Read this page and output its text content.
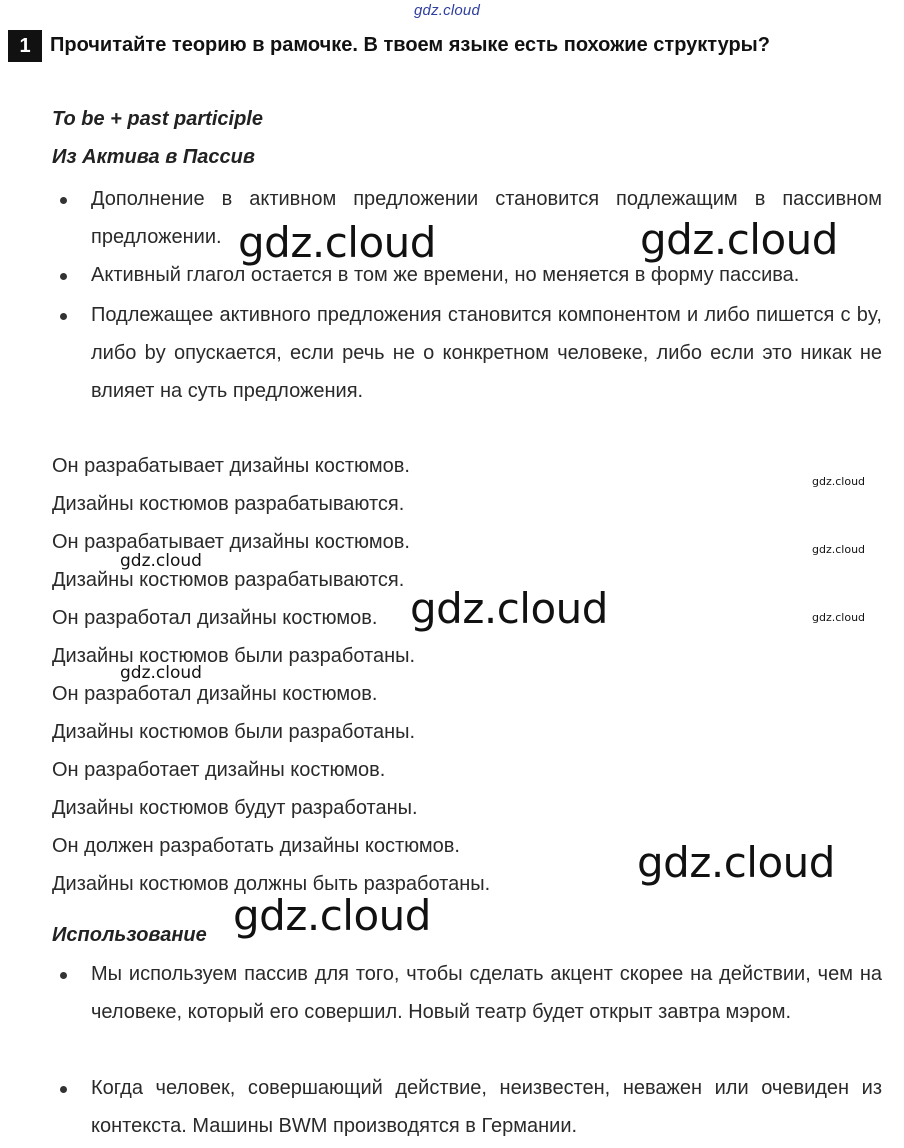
gdz.cloud
1 Прочитайте теорию в рамочке. В твоем языке есть похожие структуры?
To be + past participle
Из Актива в Пассив
Дополнение в активном предложении становится подлежащим в пассивном предложении.
Активный глагол остается в том же времени, но меняется в форму пассива.
Подлежащее активного предложения становится компонентом и либо пишется с by, либо by опускается, если речь не о конкретном человеке, либо если это никак не влияет на суть предложения.
Он разрабатывает дизайны костюмов.
Дизайны костюмов разрабатываются.
Он разрабатывает дизайны костюмов.
Дизайны костюмов разрабатываются.
Он разработал дизайны костюмов.
Дизайны костюмов были разработаны.
Он разработал дизайны костюмов.
Дизайны костюмов были разработаны.
Он разработает дизайны костюмов.
Дизайны костюмов будут разработаны.
Он должен разработать дизайны костюмов.
Дизайны костюмов должны быть разработаны.
Использование
Мы используем пассив для того, чтобы сделать акцент скорее на действии, чем на человеке, который его совершил. Новый театр будет открыт завтра мэром.
Когда человек, совершающий действие, неизвестен, неважен или очевиден из контекста. Машины BWM производятся в Германии.
gdz.cloud	gdz.cloud
gdz.cloud
gdz.cloud
gdz.cloud
gdz.cloud
gdz.cloud
gdz.cloud
gdz.cloud
gdz.cloud
